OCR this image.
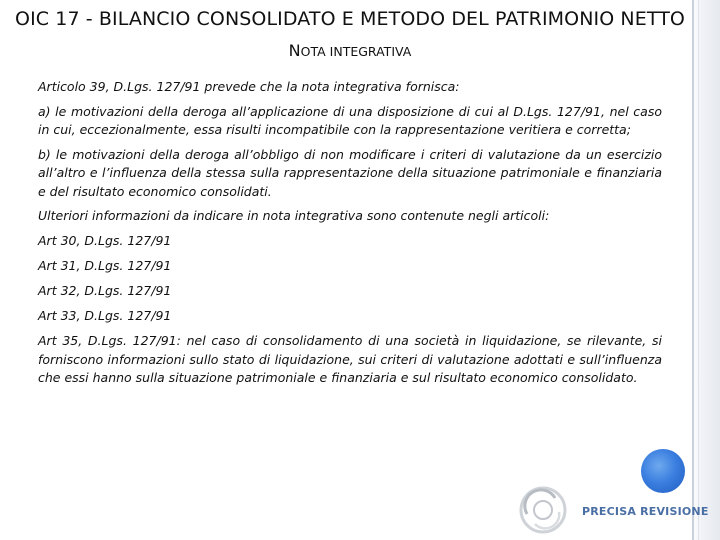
OIC 17 - BILANCIO CONSOLIDATO E METODO DEL PATRIMONIO NETTO
NOTA INTEGRATIVA

Articolo 39, D.Lgs. 127/91 prevede che la nota integrativa fornisca:

a) le motivazioni della deroga all’applicazione di una disposizione di cui al D.Lgs. 127/91, nel caso in cui, eccezionalmente, essa risulti incompatibile con la rappresentazione veritiera e corretta;

b) le motivazioni della deroga all’obbligo di non modificare i criteri di valutazione da un esercizio all’altro e l’influenza della stessa sulla rappresentazione della situazione patrimoniale e finanziaria e del risultato economico consolidati.

Ulteriori informazioni da indicare in nota integrativa sono contenute negli articoli:

Art 30, D.Lgs. 127/91

Art 31, D.Lgs. 127/91

Art 32, D.Lgs. 127/91

Art 33, D.Lgs. 127/91

Art 35, D.Lgs. 127/91: nel caso di consolidamento di una società in liquidazione, se rilevante, si forniscono informazioni sullo stato di liquidazione, sui criteri di valutazione adottati e sull’influenza che essi hanno sulla situazione patrimoniale e finanziaria e sul risultato economico consolidato.

PRECISA REVISIONE
